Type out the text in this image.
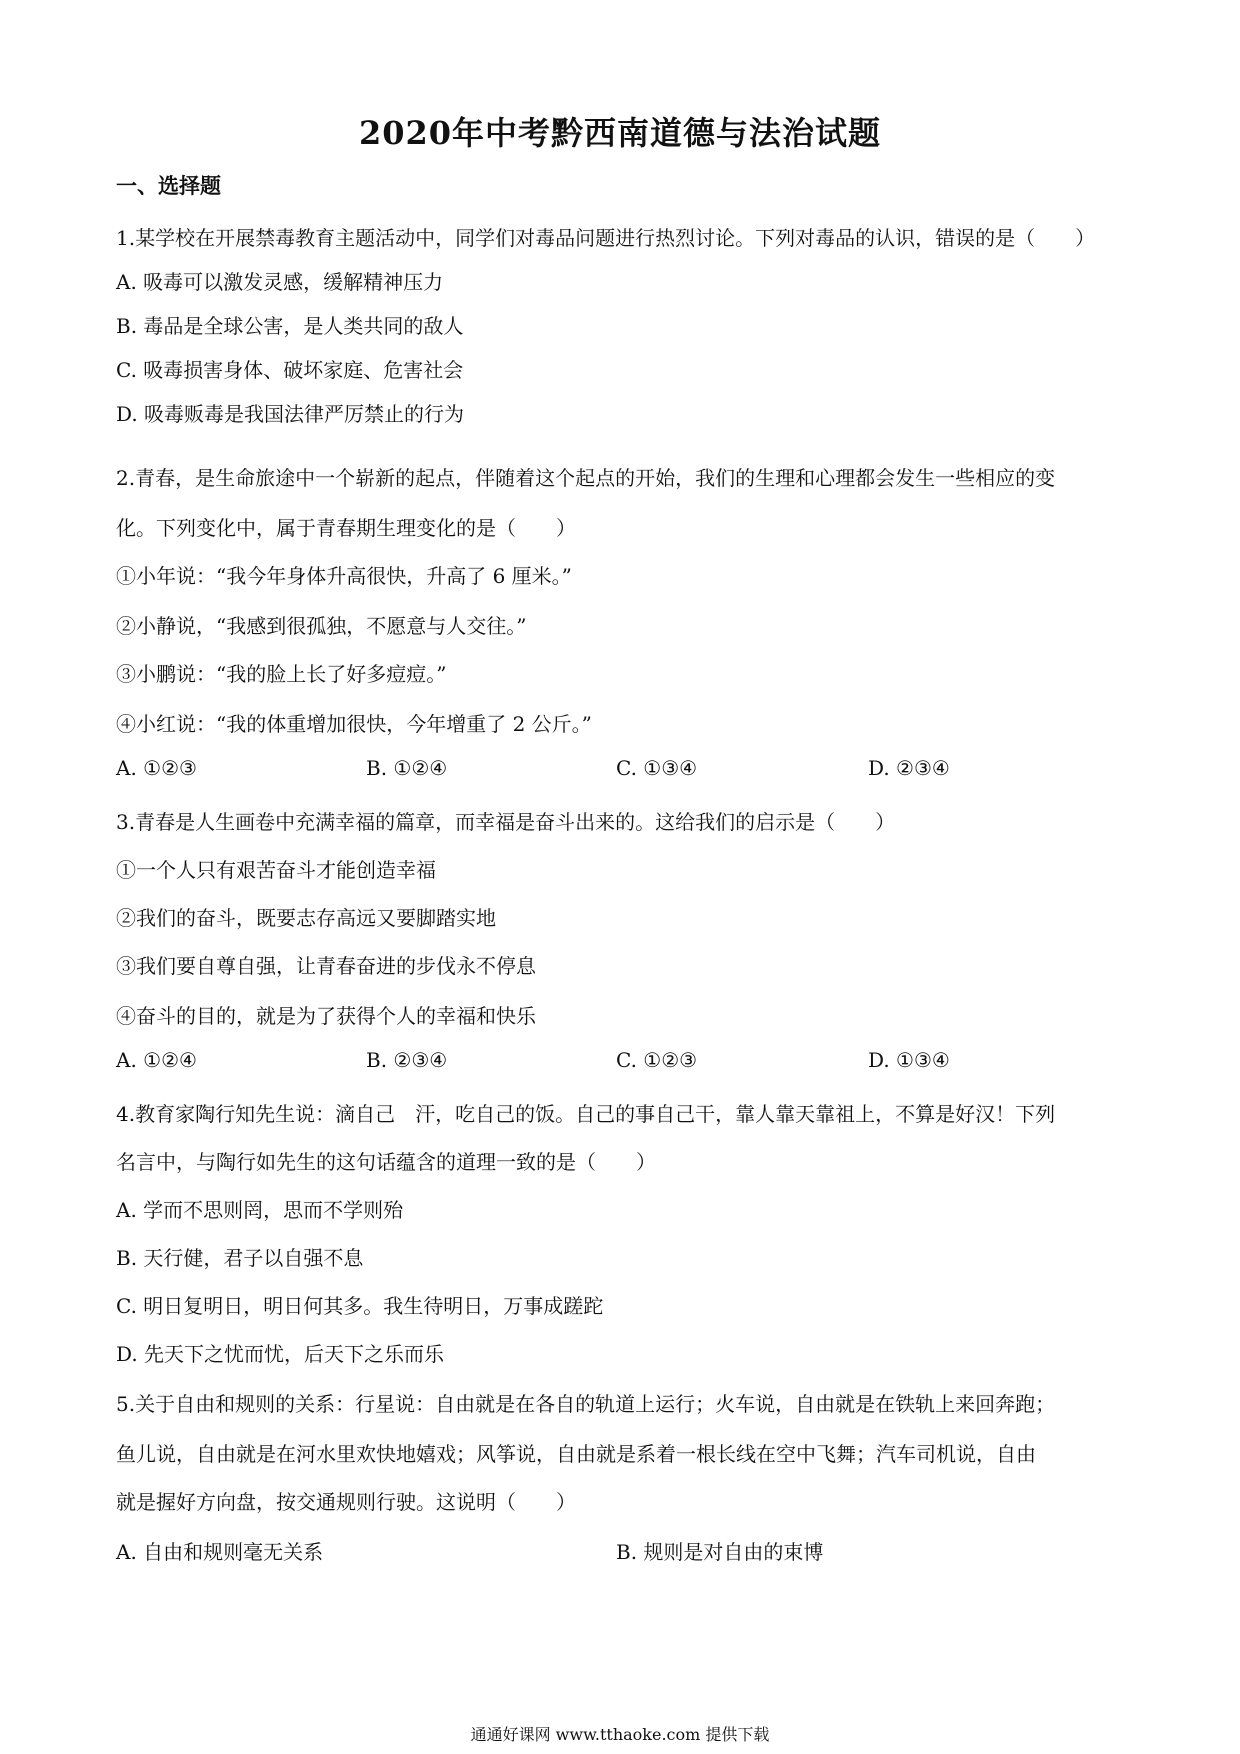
2020年中考黔西南道德与法治试题
一、选择题
1.某学校在开展禁毒教育主题活动中，同学们对毒品问题进行热烈讨论。下列对毒品的认识，错误的是（　　）
A. 吸毒可以激发灵感，缓解精神压力
B. 毒品是全球公害，是人类共同的敌人
C. 吸毒损害身体、破坏家庭、危害社会
D. 吸毒贩毒是我国法律严厉禁止的行为
2.青春，是生命旅途中一个崭新的起点，伴随着这个起点的开始，我们的生理和心理都会发生一些相应的变
化。下列变化中，属于青春期生理变化的是（　　）
①小年说：“我今年身体升高很快，升高了 6 厘米。”
②小静说，“我感到很孤独，不愿意与人交往。”
③小鹏说：“我的脸上长了好多痘痘。”
④小红说：“我的体重增加很快，今年增重了 2 公斤。”
A. ①②③	B. ①②④	C. ①③④	D. ②③④
3.青春是人生画卷中充满幸福的篇章，而幸福是奋斗出来的。这给我们的启示是（　　）
①一个人只有艰苦奋斗才能创造幸福
②我们的奋斗，既要志存高远又要脚踏实地
③我们要自尊自强，让青春奋进的步伐永不停息
④奋斗的目的，就是为了获得个人的幸福和快乐
A. ①②④	B. ②③④	C. ①②③	D. ①③④
4.教育家陶行知先生说：滴自己　汗，吃自己的饭。自己的事自己干，靠人靠天靠祖上，不算是好汉！下列
名言中，与陶行如先生的这句话蕴含的道理一致的是（　　）
A. 学而不思则罔，思而不学则殆
B. 天行健，君子以自强不息
C. 明日复明日，明日何其多。我生待明日，万事成蹉跎
D. 先天下之忧而忧，后天下之乐而乐
5.关于自由和规则的关系：行星说：自由就是在各自的轨道上运行；火车说，自由就是在铁轨上来回奔跑；
鱼儿说，自由就是在河水里欢快地嬉戏；风筝说，自由就是系着一根长线在空中飞舞；汽车司机说，自由
就是握好方向盘，按交通规则行驶。这说明（　　）
A. 自由和规则毫无关系	B. 规则是对自由的束博
通通好课网 www.tthaoke.com 提供下载
